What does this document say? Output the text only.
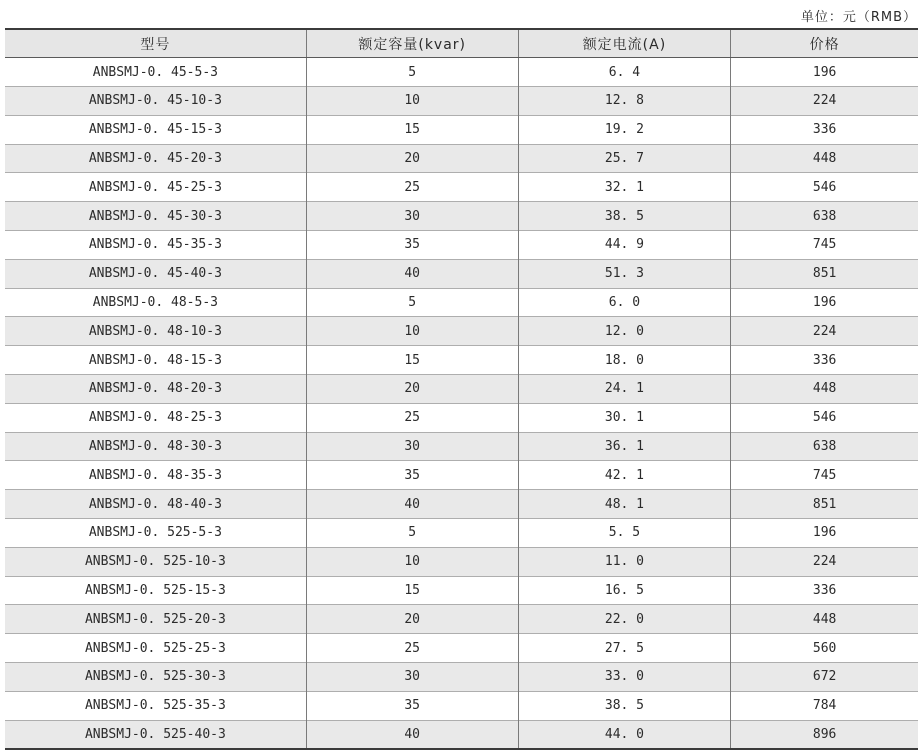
单位：元（RMB）
型号	额定容量(kvar)	额定电流(A)	价格
ANBSMJ-0. 45-5-3	5	6. 4	196
ANBSMJ-0. 45-10-3	10	12. 8	224
ANBSMJ-0. 45-15-3	15	19. 2	336
ANBSMJ-0. 45-20-3	20	25. 7	448
ANBSMJ-0. 45-25-3	25	32. 1	546
ANBSMJ-0. 45-30-3	30	38. 5	638
ANBSMJ-0. 45-35-3	35	44. 9	745
ANBSMJ-0. 45-40-3	40	51. 3	851
ANBSMJ-0. 48-5-3	5	6. 0	196
ANBSMJ-0. 48-10-3	10	12. 0	224
ANBSMJ-0. 48-15-3	15	18. 0	336
ANBSMJ-0. 48-20-3	20	24. 1	448
ANBSMJ-0. 48-25-3	25	30. 1	546
ANBSMJ-0. 48-30-3	30	36. 1	638
ANBSMJ-0. 48-35-3	35	42. 1	745
ANBSMJ-0. 48-40-3	40	48. 1	851
ANBSMJ-0. 525-5-3	5	5. 5	196
ANBSMJ-0. 525-10-3	10	11. 0	224
ANBSMJ-0. 525-15-3	15	16. 5	336
ANBSMJ-0. 525-20-3	20	22. 0	448
ANBSMJ-0. 525-25-3	25	27. 5	560
ANBSMJ-0. 525-30-3	30	33. 0	672
ANBSMJ-0. 525-35-3	35	38. 5	784
ANBSMJ-0. 525-40-3	40	44. 0	896
